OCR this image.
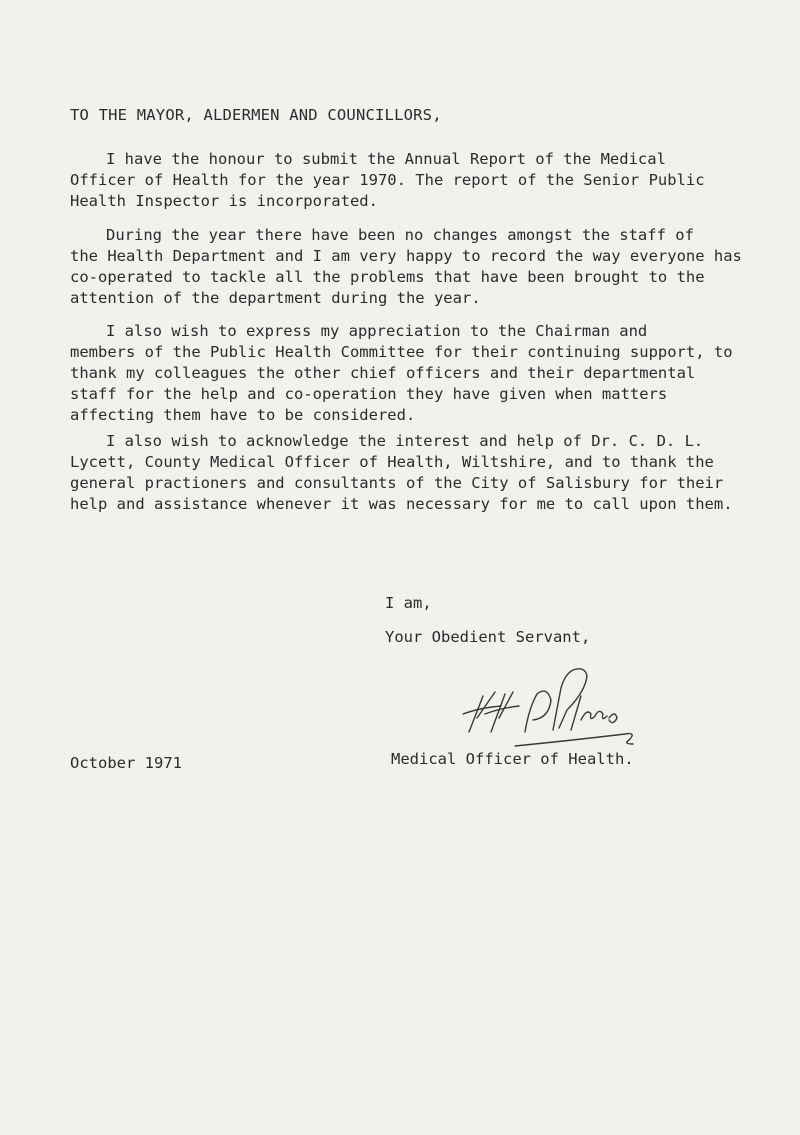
TO THE MAYOR, ALDERMEN AND COUNCILLORS,
I have the honour to submit the Annual Report of the Medical
Officer of Health for the year 1970. The report of the Senior Public
Health Inspector is incorporated.
During the year there have been no changes amongst the staff of
the Health Department and I am very happy to record the way everyone has
co-operated to tackle all the problems that have been brought to the
attention of the department during the year.
I also wish to express my appreciation to the Chairman and
members of the Public Health Committee for their continuing support, to
thank my colleagues the other chief officers and their departmental
staff for the help and co-operation they have given when matters
affecting them have to be considered.
I also wish to acknowledge the interest and help of Dr. C. D. L.
Lycett, County Medical Officer of Health, Wiltshire, and to thank the
general practioners and consultants of the City of Salisbury for their
help and assistance whenever it was necessary for me to call upon them.
I am,
Your Obedient Servant,
Medical Officer of Health.
October 1971
